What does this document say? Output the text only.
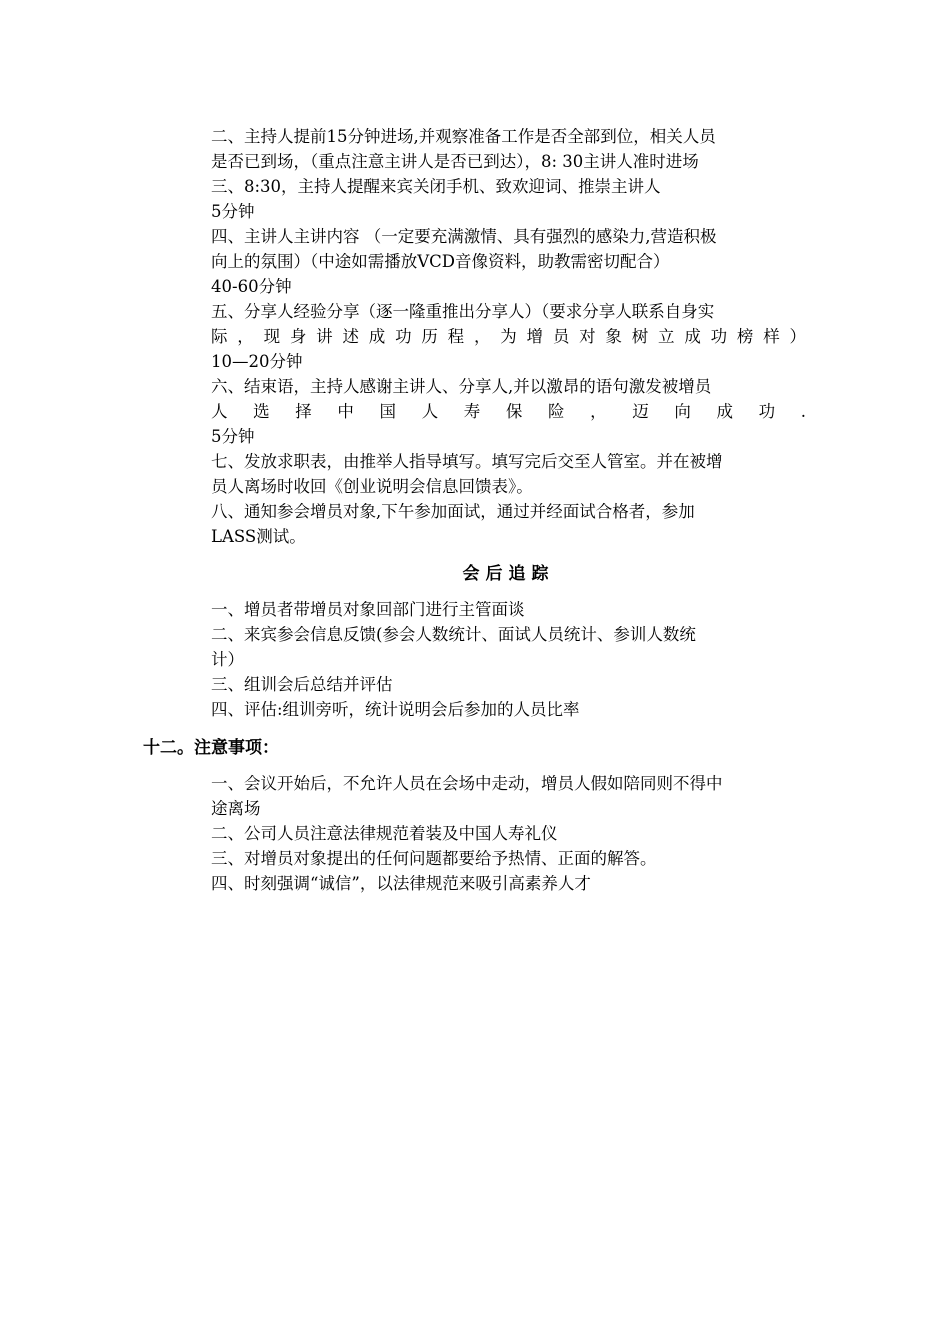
二、主持人提前15分钟进场,并观察准备工作是否全部到位，相关人员
是否已到场，（重点注意主讲人是否已到达），8: 30主讲人准时进场
三、8:30，主持人提醒来宾关闭手机、致欢迎词、推崇主讲人
5分钟
四、主讲人主讲内容 （一定要充满激情、具有强烈的感染力,营造积极
向上的氛围）（中途如需播放VCD音像资料，助教需密切配合）
40-60分钟
五、分享人经验分享（逐一隆重推出分享人）（要求分享人联系自身实
际，现身讲述成功历程，为增员对象树立成功榜样）
10—20分钟
六、结束语，主持人感谢主讲人、分享人,并以激昂的语句激发被增员
人 选 择 中 国 人 寿 保 险 ， 迈 向 成 功 .
5分钟
七、发放求职表，由推举人指导填写。填写完后交至人管室。并在被增
员人离场时收回《创业说明会信息回馈表》。
八、通知参会增员对象,下午参加面试，通过并经面试合格者，参加
LASS测试。
会后追踪
一、增员者带增员对象回部门进行主管面谈
二、来宾参会信息反馈(参会人数统计、面试人员统计、参训人数统
计）
三、组训会后总结并评估
四、评估:组训旁听，统计说明会后参加的人员比率
十二。注意事项：
一、会议开始后，不允许人员在会场中走动，增员人假如陪同则不得中
途离场
二、公司人员注意法律规范着装及中国人寿礼仪
三、对增员对象提出的任何问题都要给予热情、正面的解答。
四、时刻强调“诚信”，以法律规范来吸引高素养人才
